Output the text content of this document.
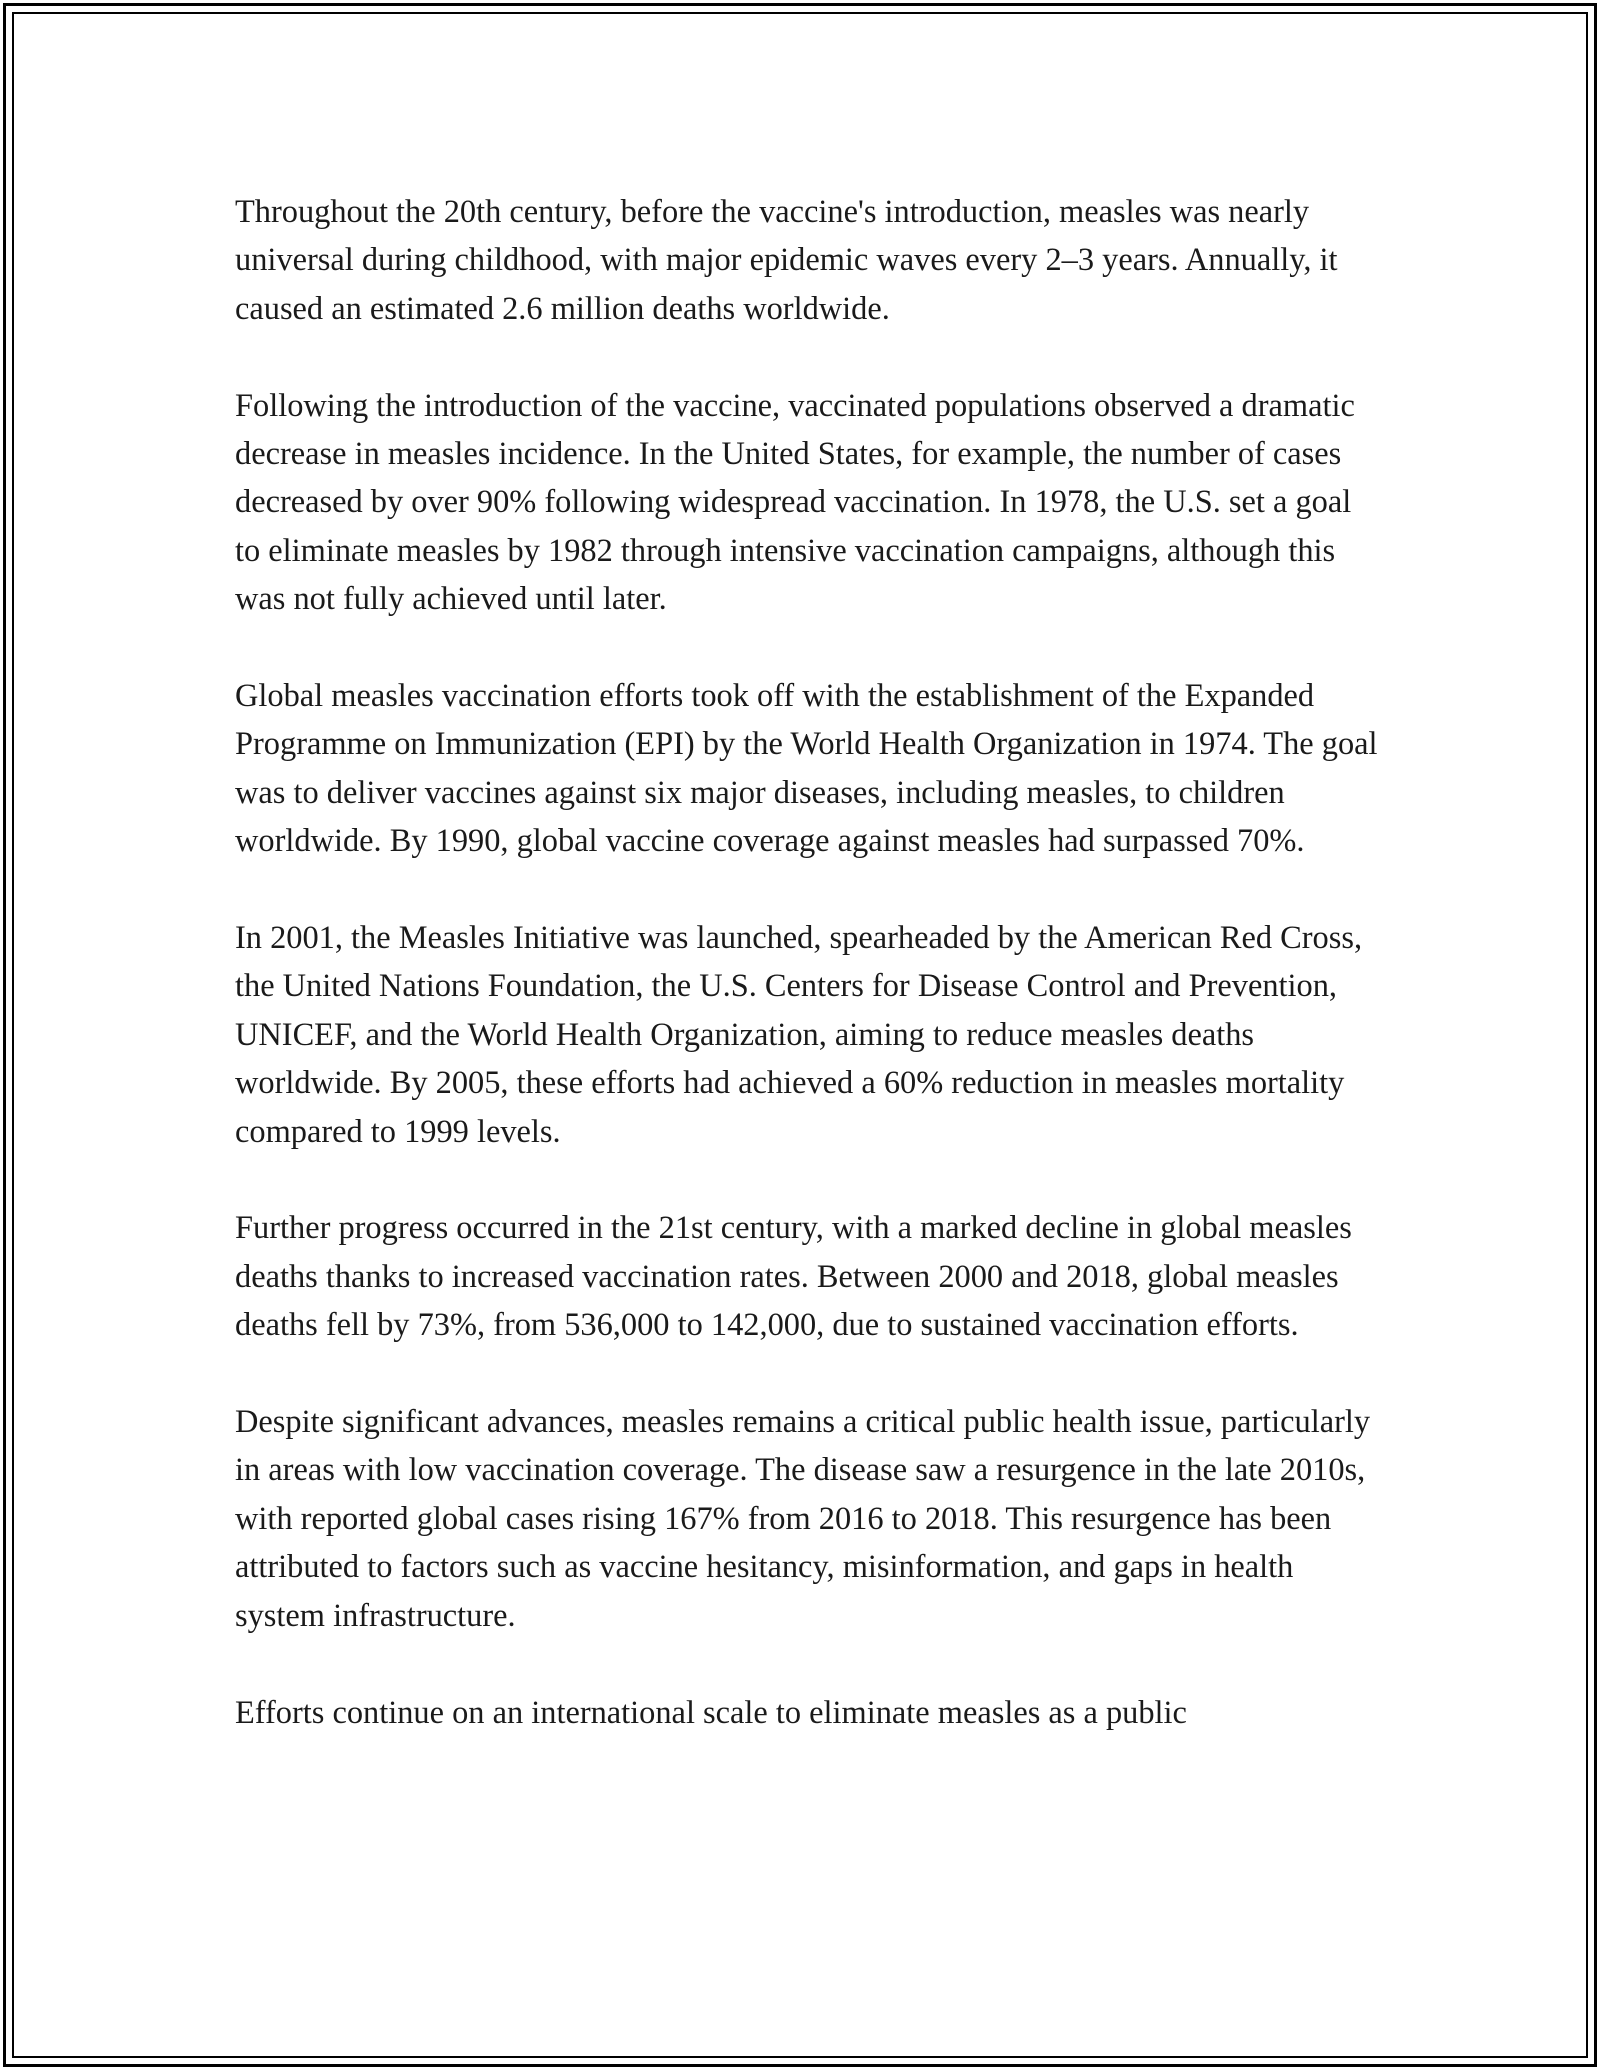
Throughout the 20th century, before the vaccine's introduction, measles was nearly universal during childhood, with major epidemic waves every 2–3 years. Annually, it caused an estimated 2.6 million deaths worldwide.

Following the introduction of the vaccine, vaccinated populations observed a dramatic decrease in measles incidence. In the United States, for example, the number of cases decreased by over 90% following widespread vaccination. In 1978, the U.S. set a goal to eliminate measles by 1982 through intensive vaccination campaigns, although this was not fully achieved until later.

Global measles vaccination efforts took off with the establishment of the Expanded Programme on Immunization (EPI) by the World Health Organization in 1974. The goal was to deliver vaccines against six major diseases, including measles, to children worldwide. By 1990, global vaccine coverage against measles had surpassed 70%.

In 2001, the Measles Initiative was launched, spearheaded by the American Red Cross, the United Nations Foundation, the U.S. Centers for Disease Control and Prevention, UNICEF, and the World Health Organization, aiming to reduce measles deaths worldwide. By 2005, these efforts had achieved a 60% reduction in measles mortality compared to 1999 levels.

Further progress occurred in the 21st century, with a marked decline in global measles deaths thanks to increased vaccination rates. Between 2000 and 2018, global measles deaths fell by 73%, from 536,000 to 142,000, due to sustained vaccination efforts.

Despite significant advances, measles remains a critical public health issue, particularly in areas with low vaccination coverage. The disease saw a resurgence in the late 2010s, with reported global cases rising 167% from 2016 to 2018. This resurgence has been attributed to factors such as vaccine hesitancy, misinformation, and gaps in health system infrastructure.

Efforts continue on an international scale to eliminate measles as a public
